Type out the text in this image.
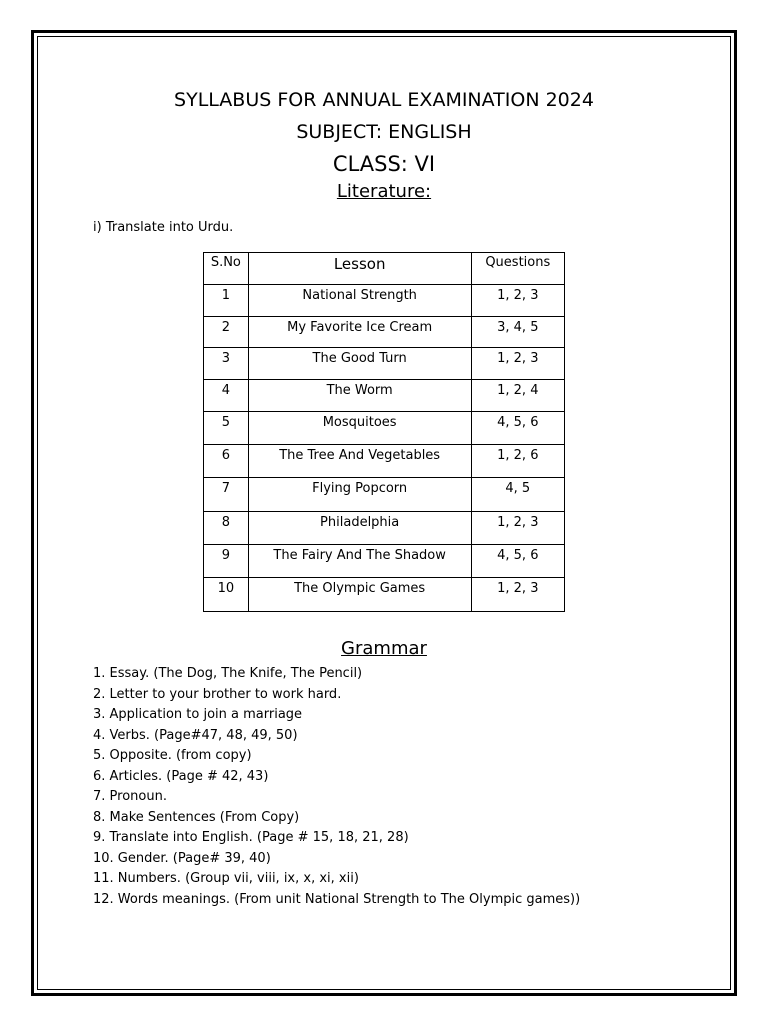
SYLLABUS FOR ANNUAL EXAMINATION 2024
SUBJECT: ENGLISH
CLASS: VI
Literature:
i) Translate into Urdu.
S.No	Lesson	Questions

1	National Strength	1, 2, 3

2	My Favorite Ice Cream	3, 4, 5

3	The Good Turn	1, 2, 3

4	The Worm	1, 2, 4

5	Mosquitoes	4, 5, 6

6	The Tree And Vegetables	1, 2, 6

7	Flying Popcorn	4, 5

8	Philadelphia	1, 2, 3

9	The Fairy And The Shadow	4, 5, 6

10	The Olympic Games	1, 2, 3
Grammar
1. Essay. (The Dog, The Knife, The Pencil)
2. Letter to your brother to work hard.
3. Application to join a marriage
4. Verbs. (Page#47, 48, 49, 50)
5. Opposite. (from copy)
6. Articles. (Page # 42, 43)
7. Pronoun.
8. Make Sentences (From Copy)
9. Translate into English. (Page # 15, 18, 21, 28)
10. Gender. (Page# 39, 40)
11. Numbers. (Group vii, viii, ix, x, xi, xii)
12. Words meanings. (From unit National Strength to The Olympic games))
